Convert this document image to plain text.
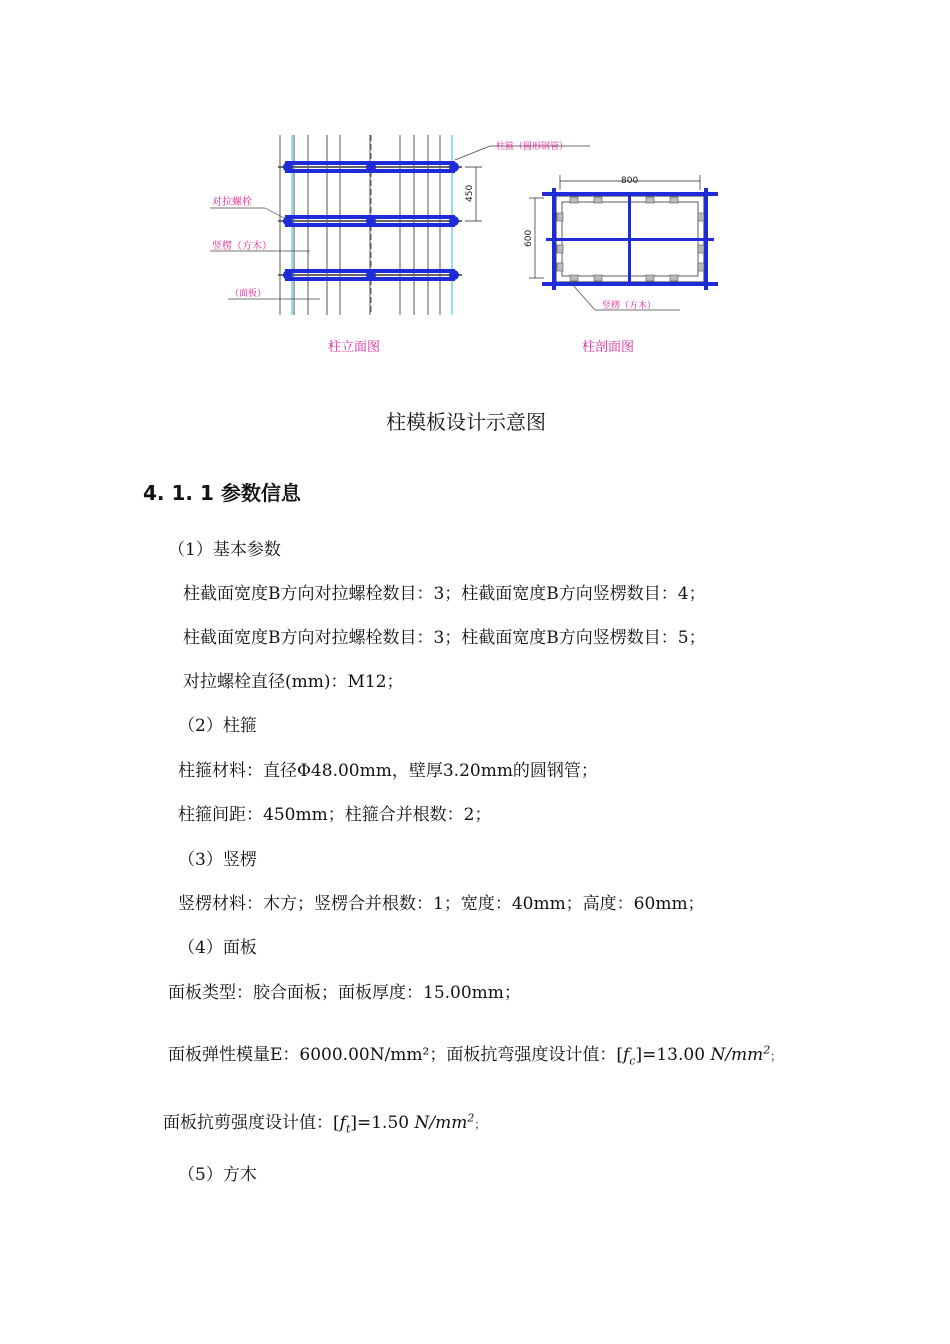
450
柱箍（圆形钢管）
对拉螺栓
竖楞（方木）
（面板）
柱立面图
800
600
竖楞（方木）
柱剖面图
柱模板设计示意图
4. 1. 1 参数信息
（1）基本参数
柱截面宽度B方向对拉螺栓数目：3；柱截面宽度B方向竖楞数目：4；
柱截面宽度B方向对拉螺栓数目：3；柱截面宽度B方向竖楞数目：5；
对拉螺栓直径(mm)：M12；
（2）柱箍
柱箍材料：直径Φ48.00mm，壁厚3.20mm的圆钢管；
柱箍间距：450mm；柱箍合并根数：2；
（3）竖楞
竖楞材料：木方；竖楞合并根数：1；宽度：40mm；高度：60mm；
（4）面板
面板类型：胶合面板；面板厚度：15.00mm；
面板弹性模量E：6000.00N/mm²；面板抗弯强度设计值：$[f_c]=13.00$ $N/mm^2$；
面板抗剪强度设计值：$[f_t]=1.50$ $N/mm^2$；
（5）方木
